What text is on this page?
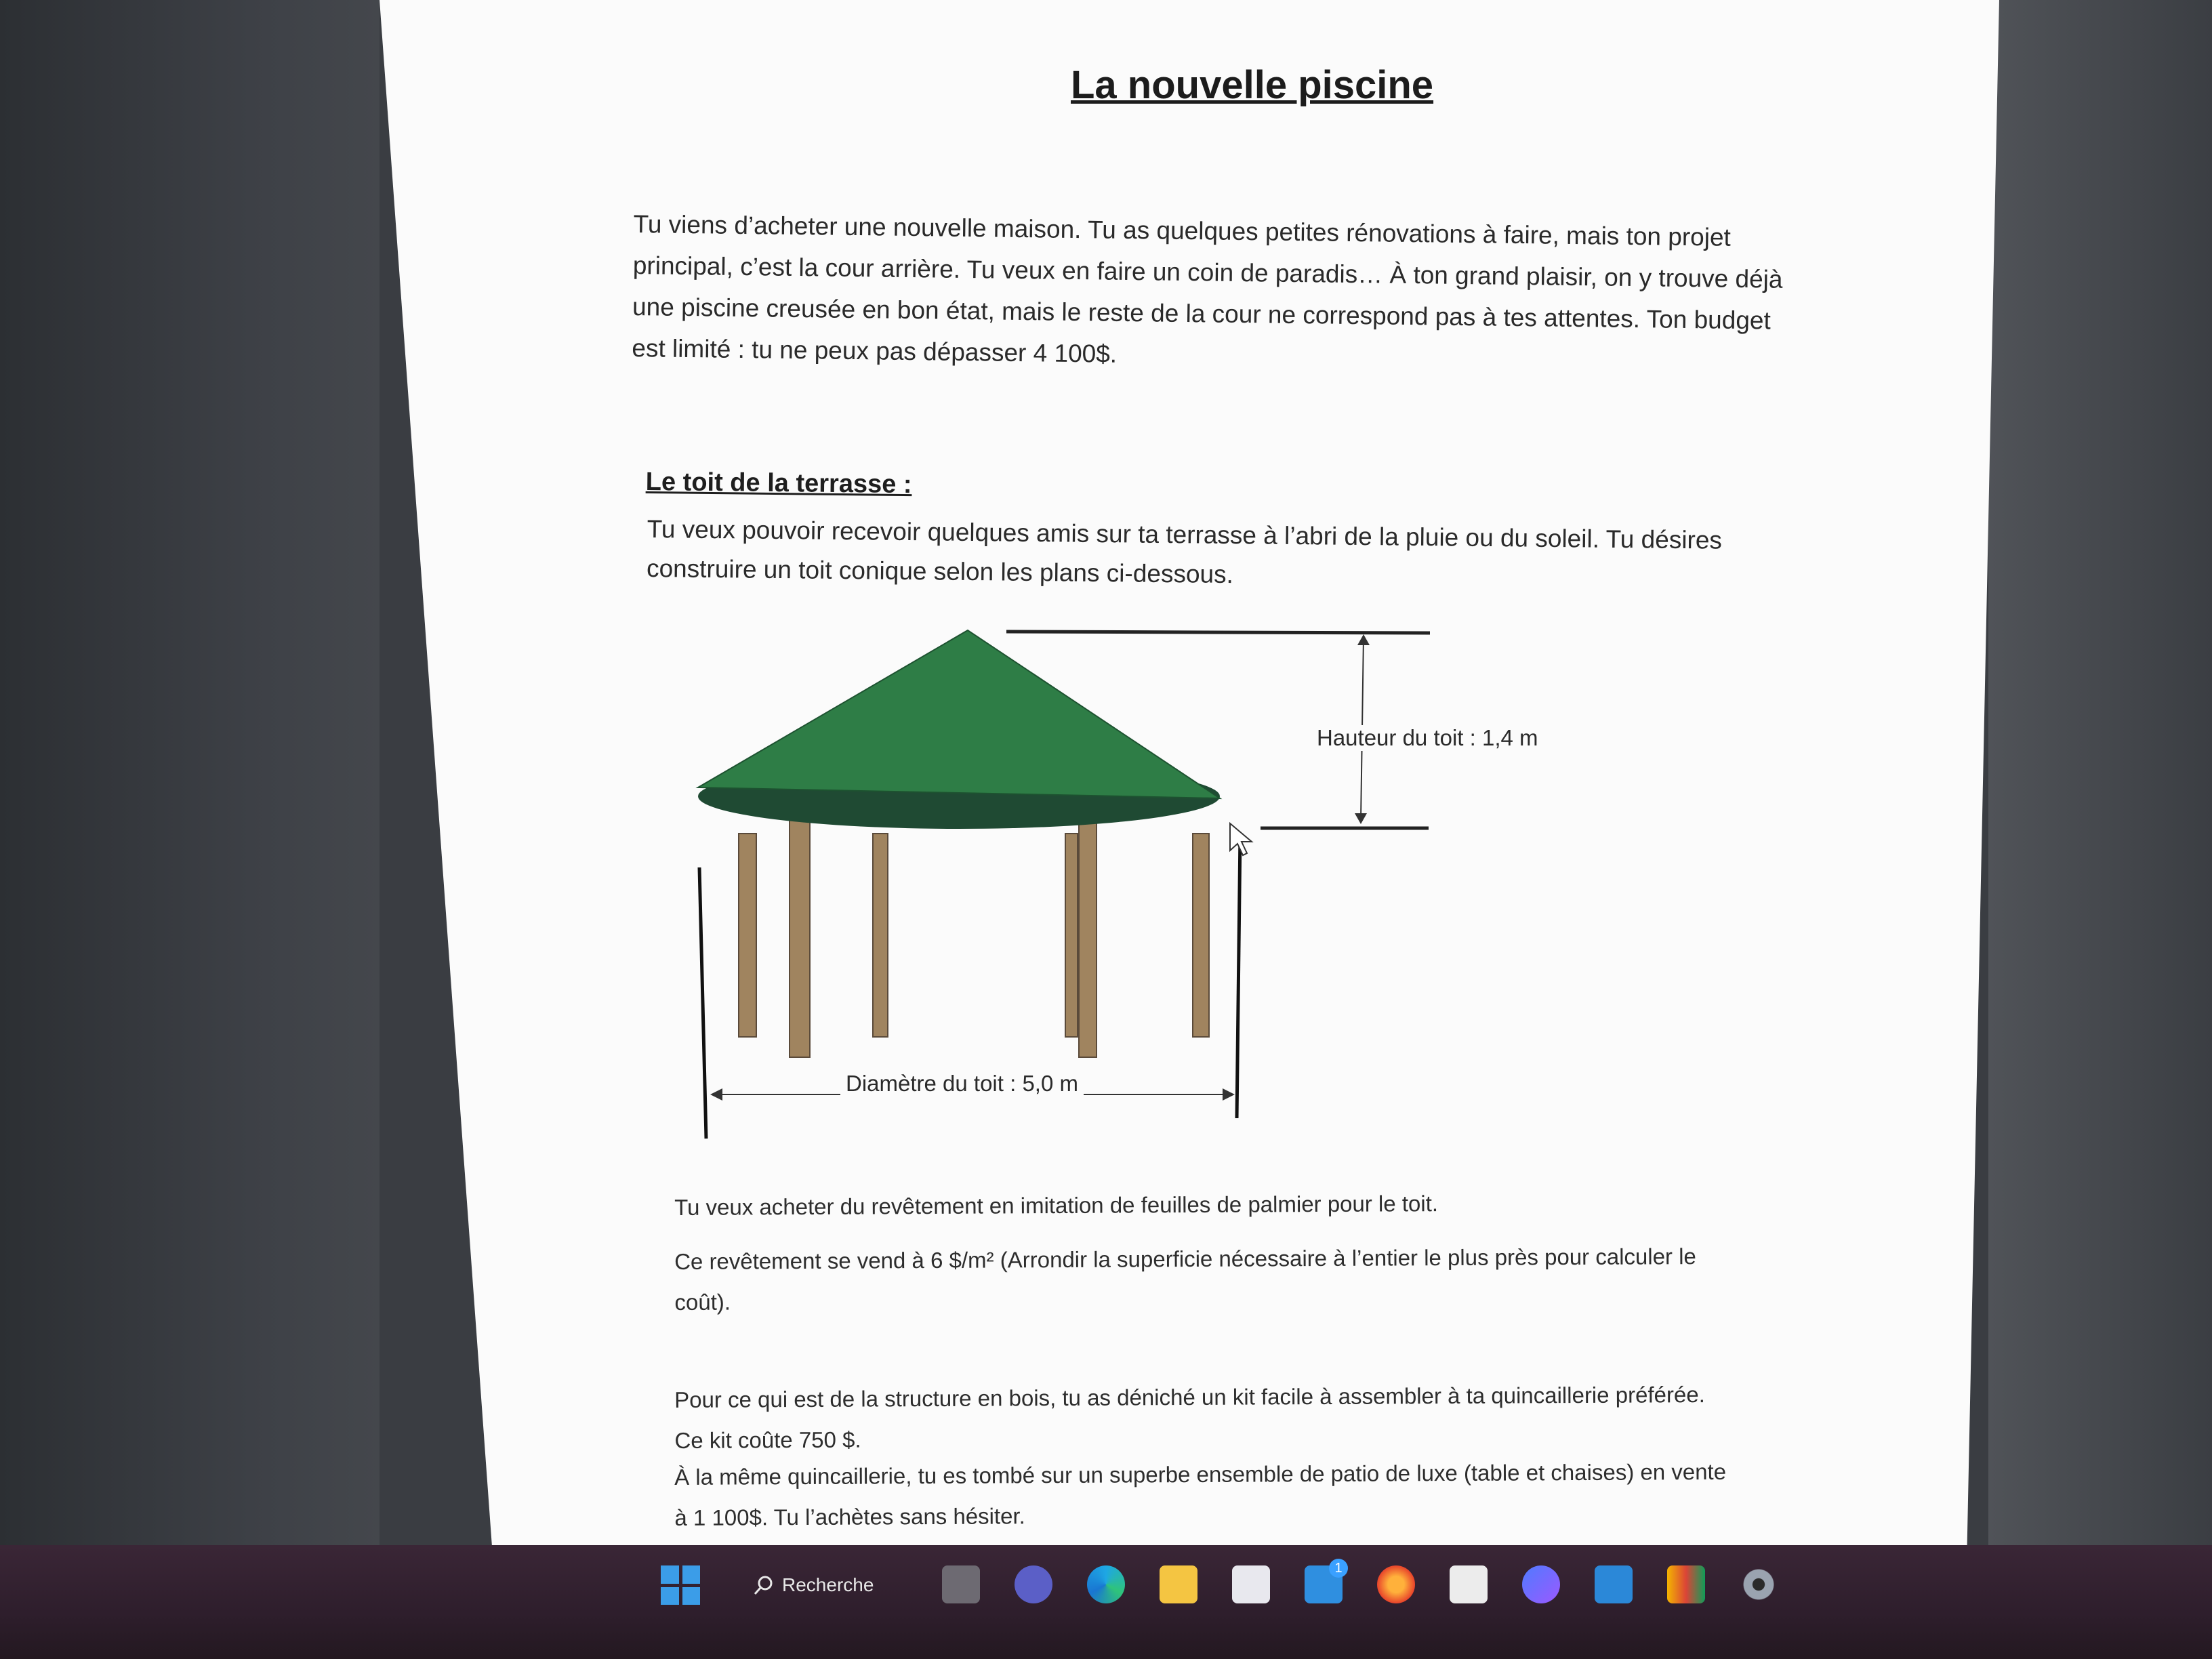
La nouvelle piscine
Tu viens d’acheter une nouvelle maison. Tu as quelques petites rénovations à faire, mais ton projet principal, c’est la cour arrière. Tu veux en faire un coin de paradis… À ton grand plaisir, on y trouve déjà une piscine creusée en bon état, mais le reste de la cour ne correspond pas à tes attentes. Ton budget est limité : tu ne peux pas dépasser 4 100$.
Le toit de la terrasse :
Tu veux pouvoir recevoir quelques amis sur ta terrasse à l’abri de la pluie ou du soleil. Tu désires construire un toit conique selon les plans ci-dessous.
Hauteur du toit : 1,4 m
Diamètre du toit : 5,0 m
Tu veux acheter du revêtement en imitation de feuilles de palmier pour le toit.
Ce revêtement se vend à 6 $/m² (Arrondir la superficie nécessaire à l’entier le plus près pour calculer le coût).
Pour ce qui est de la structure en bois, tu as déniché un kit facile à assembler à ta quincaillerie préférée. Ce kit coûte 750 $.
À la même quincaillerie, tu es tombé sur un superbe ensemble de patio de luxe (table et chaises) en vente à 1 100$. Tu l’achètes sans hésiter.
Recherche
1
